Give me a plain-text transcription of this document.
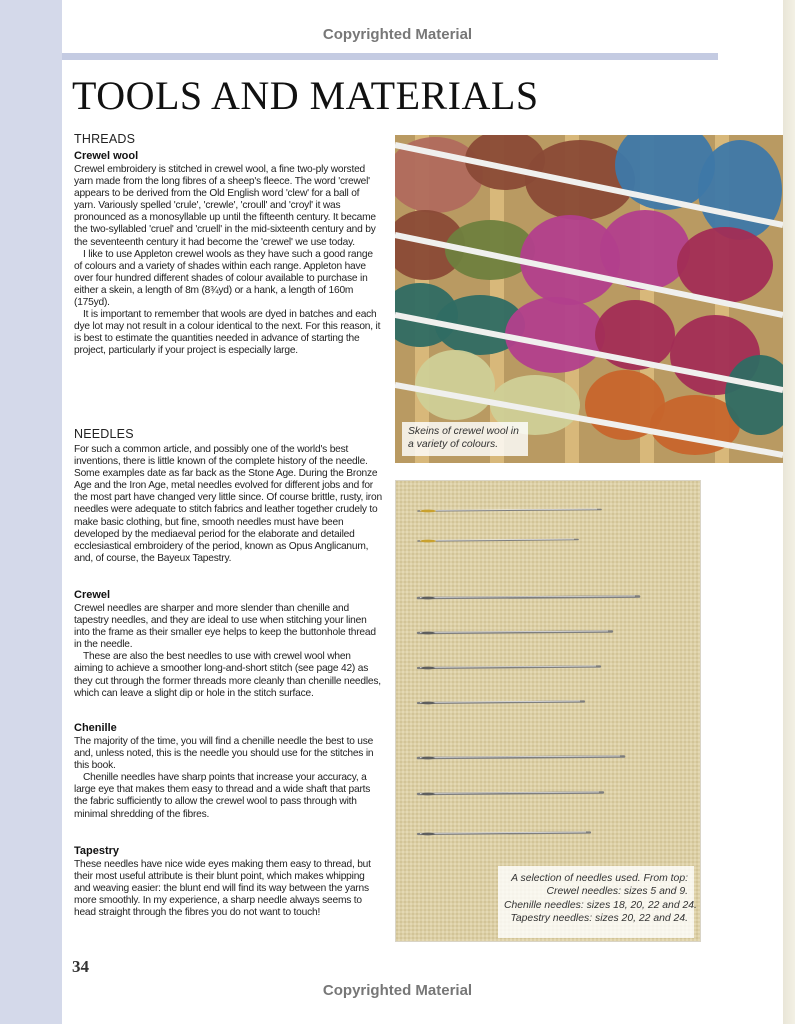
Copyrighted Material
TOOLS AND MATERIALS
THREADS
Crewel wool

Crewel embroidery is stitched in crewel wool, a fine two-ply worsted yarn made from the long fibres of a sheep's fleece. The word 'crewel' appears to be derived from the Old English word 'clew' for a ball of yarn. Variously spelled 'crule', 'crewle', 'croull' and 'croyl' it was pronounced as a monosyllable up until the fifteenth century. It became the two-syllabled 'cruel' and 'cruell' in the mid-sixteenth century and by the seventeenth century it had become the 'crewel' we use today.

I like to use Appleton crewel wools as they have such a good range of colours and a variety of shades within each range. Appleton have over four hundred different shades of colour available to purchase in either a skein, a length of 8m (8¾yd) or a hank, a length of 160m (175yd).

It is important to remember that wools are dyed in batches and each dye lot may not result in a colour identical to the next. For this reason, it is best to estimate the quantities needed in advance of starting the project, particularly if your project is especially large.

NEEDLES

For such a common article, and possibly one of the world's best inventions, there is little known of the complete history of the needle. Some examples date as far back as the Stone Age. During the Bronze Age and the Iron Age, metal needles evolved for different jobs and for the most part have changed very little since. Of course brittle, rusty, iron needles were adequate to stitch fabrics and leather together crudely to make basic clothing, but fine, smooth needles must have been developed by the mediaeval period for the elaborate and detailed ecclesiastical embroidery of the period, known as Opus Anglicanum, and, of course, the Bayeux Tapestry.

Crewel

Crewel needles are sharper and more slender than chenille and tapestry needles, and they are ideal to use when stitching your linen into the frame as their smaller eye helps to keep the buttonhole thread in the needle.

These are also the best needles to use with crewel wool when aiming to achieve a smoother long-and-short stitch (see page 42) as they cut through the former threads more cleanly than chenille needles, which can leave a slight dip or hole in the stitch surface.

Chenille

The majority of the time, you will find a chenille needle the best to use and, unless noted, this is the needle you should use for the stitches in this book.

Chenille needles have sharp points that increase your accuracy, a large eye that makes them easy to thread and a wide shaft that parts the fabric sufficiently to allow the crewel wool to pass through with minimal shredding of the fibres.

Tapestry

These needles have nice wide eyes making them easy to thread, but their most useful attribute is their blunt point, which makes whipping and weaving easier: the blunt end will find its way between the yarns more smoothly. In my experience, a sharp needle always seems to head straight through the fibres you do not want to touch!

Skeins of crewel wool in a variety of colours.
A selection of needles used. From top:
Crewel needles: sizes 5 and 9.
Chenille needles: sizes 18, 20, 22 and 24.
Tapestry needles: sizes 20, 22 and 24.
34
Copyrighted Material
